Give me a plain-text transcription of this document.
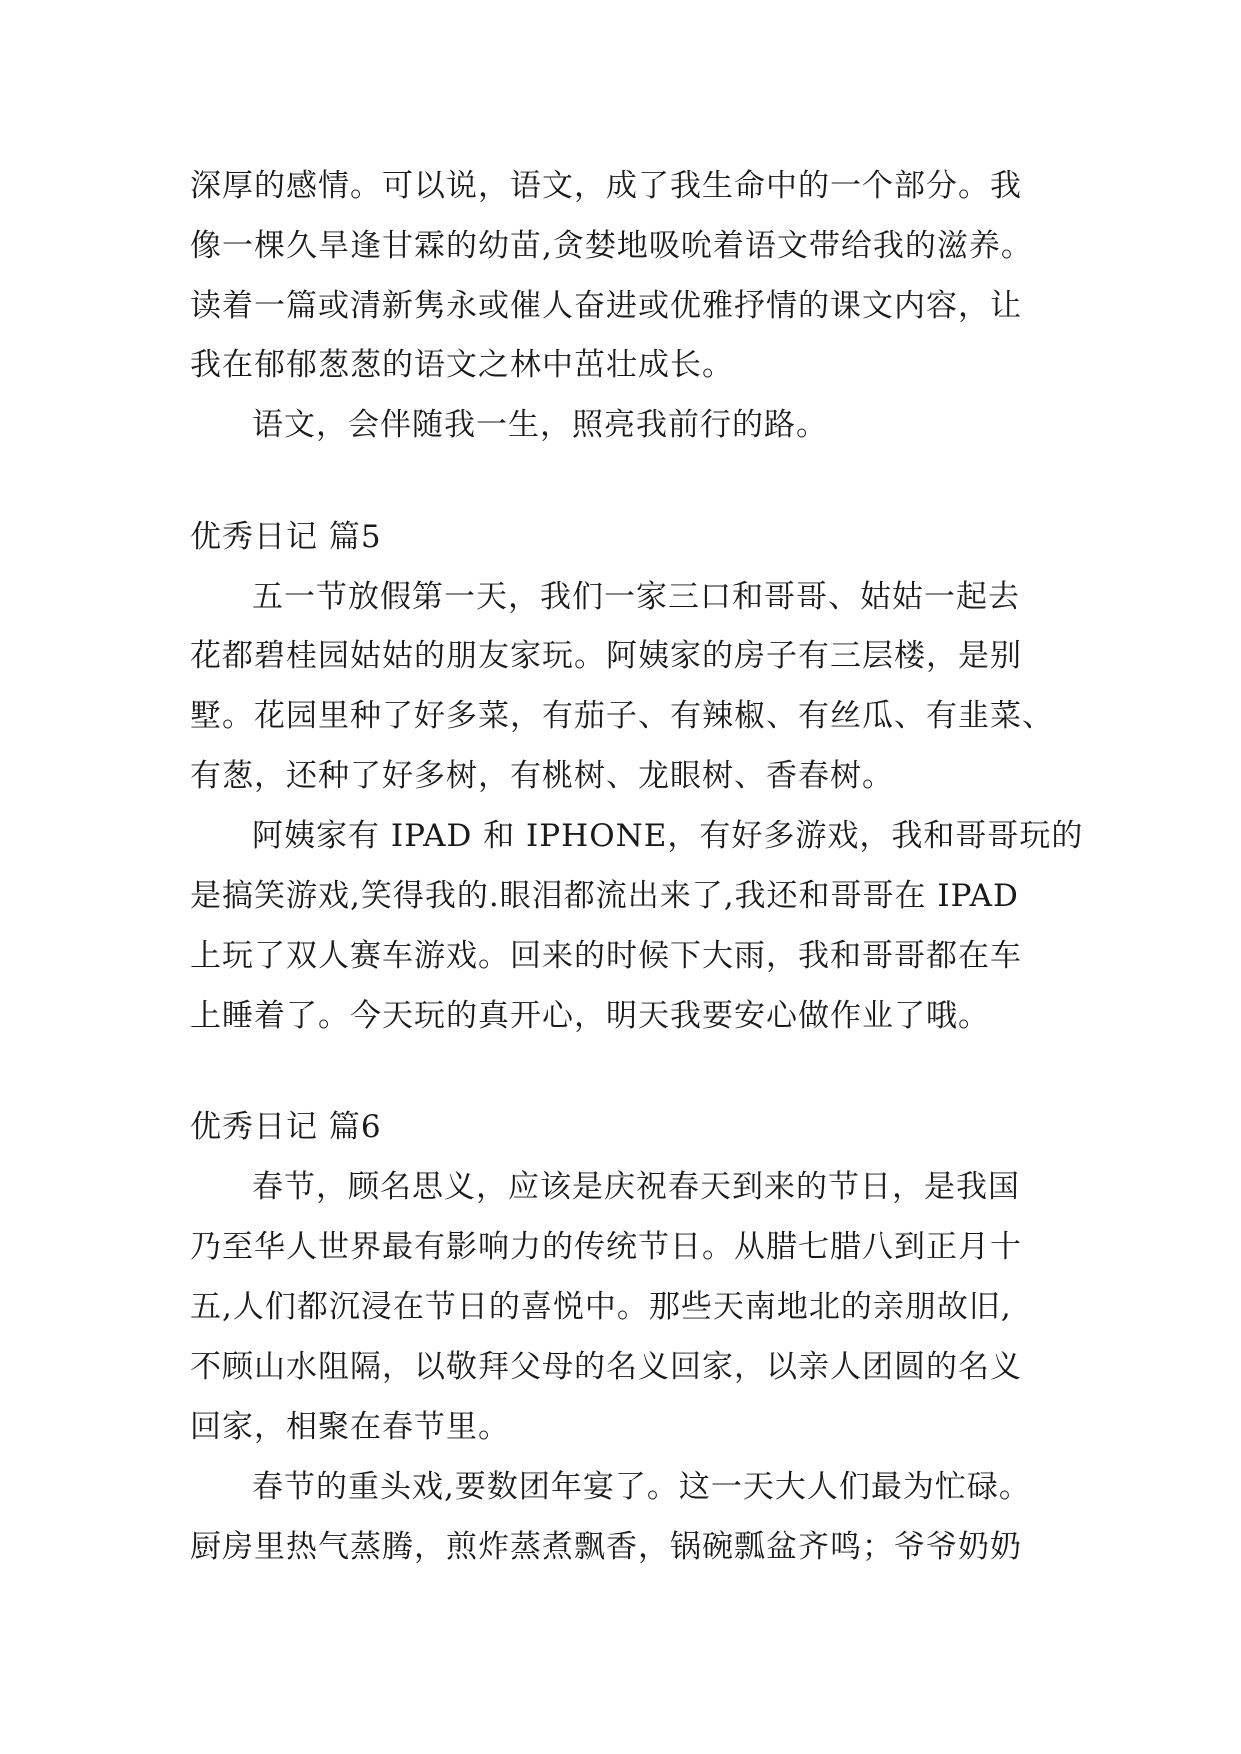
深厚的感情。可以说，语文，成了我生命中的一个部分。我
像一棵久旱逢甘霖的幼苗,贪婪地吸吮着语文带给我的滋养。
读着一篇或清新隽永或催人奋进或优雅抒情的课文内容，让
我在郁郁葱葱的语文之林中茁壮成长。
语文，会伴随我一生，照亮我前行的路。
优秀日记 篇5
五一节放假第一天，我们一家三口和哥哥、姑姑一起去
花都碧桂园姑姑的朋友家玩。阿姨家的房子有三层楼，是别
墅。花园里种了好多菜，有茄子、有辣椒、有丝瓜、有韭菜、
有葱，还种了好多树，有桃树、龙眼树、香春树。
阿姨家有 IPAD 和 IPHONE，有好多游戏，我和哥哥玩的
是搞笑游戏,笑得我的.眼泪都流出来了,我还和哥哥在 IPAD
上玩了双人赛车游戏。回来的时候下大雨，我和哥哥都在车
上睡着了。今天玩的真开心，明天我要安心做作业了哦。
优秀日记 篇6
春节，顾名思义，应该是庆祝春天到来的节日，是我国
乃至华人世界最有影响力的传统节日。从腊七腊八到正月十
五,人们都沉浸在节日的喜悦中。那些天南地北的亲朋故旧,
不顾山水阻隔，以敬拜父母的名义回家，以亲人团圆的名义
回家，相聚在春节里。
春节的重头戏,要数团年宴了。这一天大人们最为忙碌。
厨房里热气蒸腾，煎炸蒸煮飘香，锅碗瓢盆齐鸣；爷爷奶奶
